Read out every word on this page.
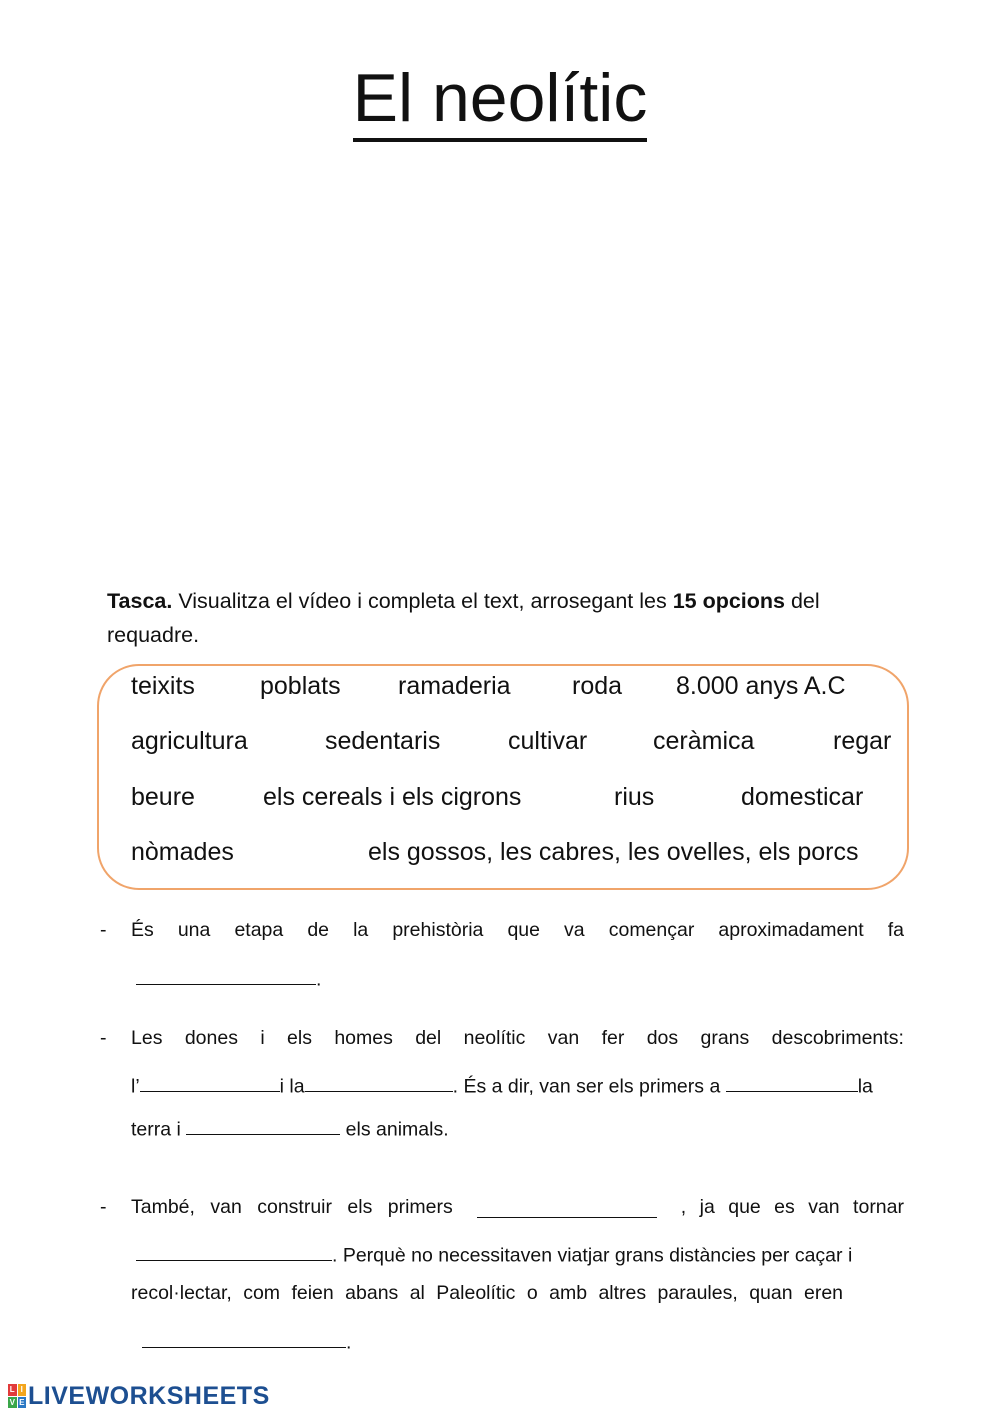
El neolític
Tasca. Visualitza el vídeo i completa el text, arrosegant les 15 opcions del requadre.
teixits	poblats ramaderia roda 8.000 anys A.C
agricultura	sedentaris	cultivar	ceràmica	regar
beure	els cereals i els cigrons	rius	domesticar
nòmades	els gossos, les cabres, les ovelles, els porcs
- És una etapa de la prehistòria que va començar aproximadament fa
.
- Les dones i els homes del neolític van fer dos grans descobriments:
l’	i la	. És a dir, van ser els primers a	la
terra i	els animals.
- També, van construir els primers	, ja que es van tornar
. Perquè no necessitaven viatjar grans distàncies per caçar i
recol·lectar, com feien abans al Paleolític o amb altres paraules, quan eren
.
L I
V E LIVEWORKSHEETS
